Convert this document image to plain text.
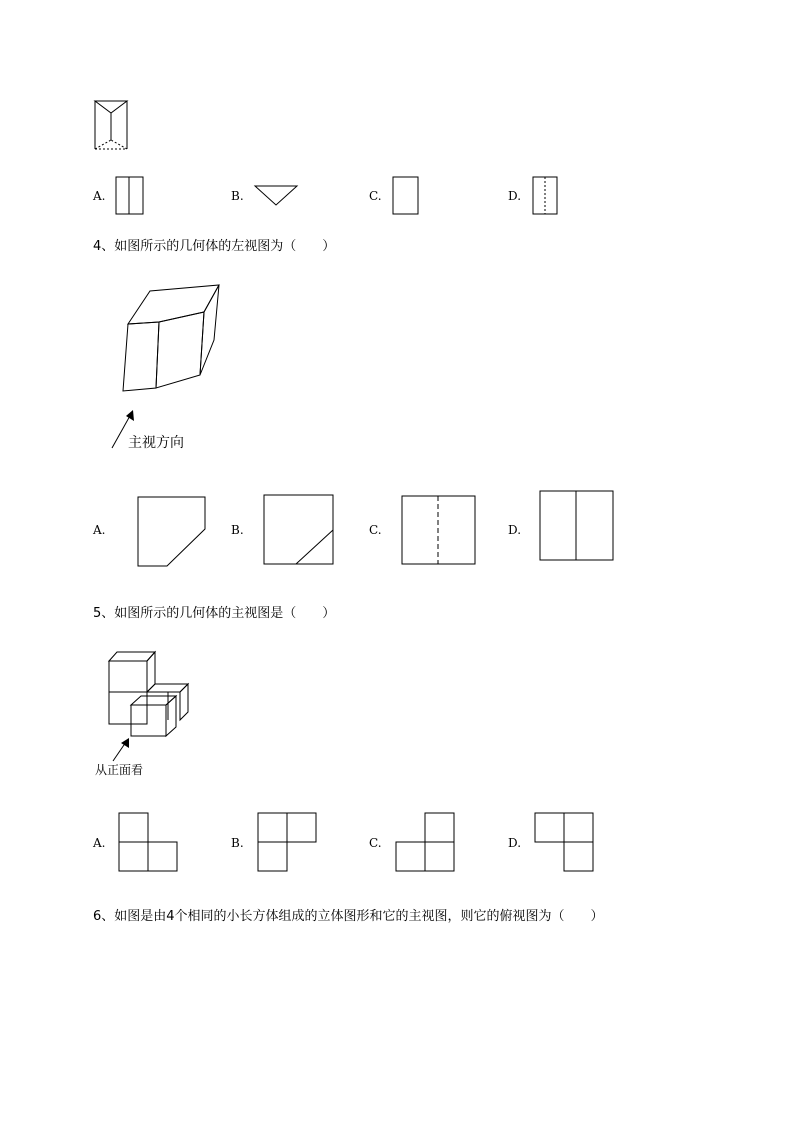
A.	B.	C.	D.
4、如图所示的几何体的左视图为（　　）
主视方向
A.	B.	C.	D.
5、如图所示的几何体的主视图是（　　）
从正面看
A.	B.	C.	D.
6、如图是由4个相同的小长方体组成的立体图形和它的主视图，则它的俯视图为（　　）
